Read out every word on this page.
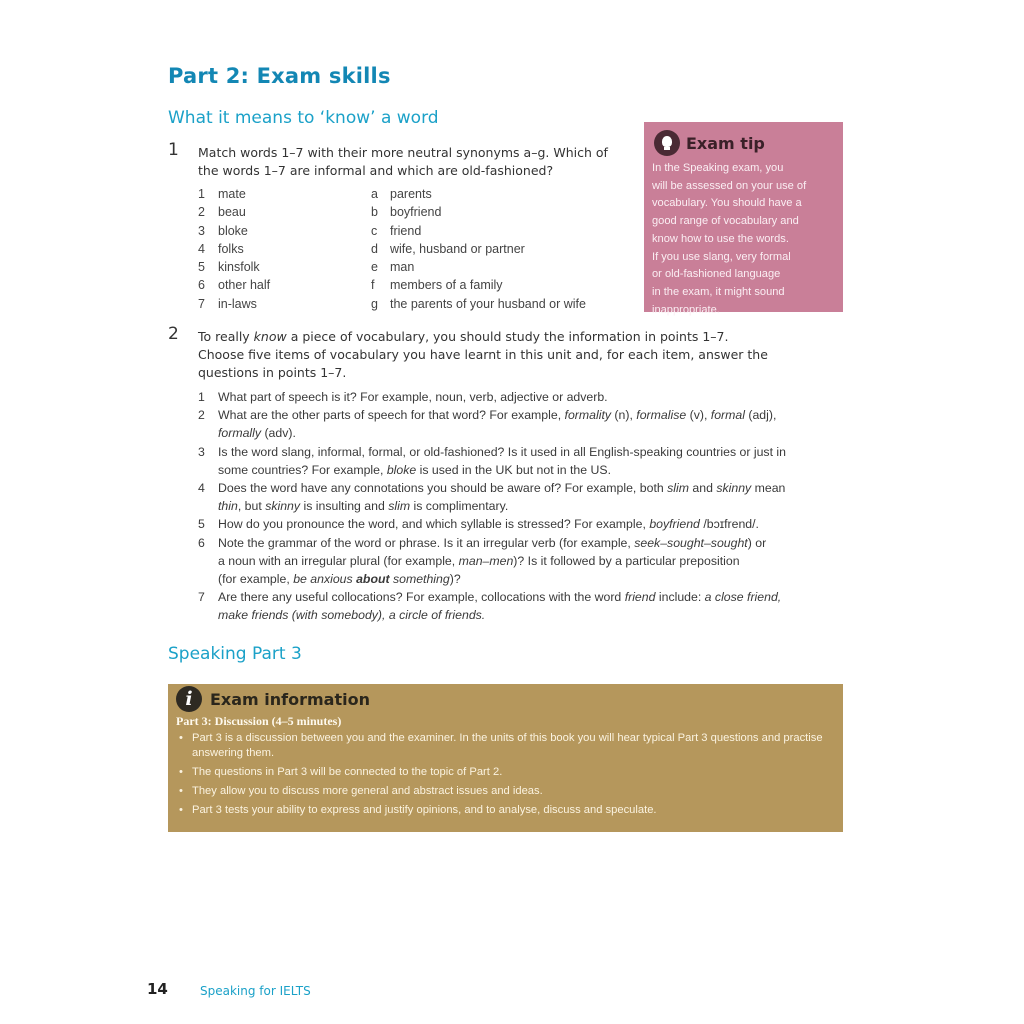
Part 2: Exam skills
What it means to ‘know’ a word
1 Match words 1–7 with their more neutral synonyms a–g. Which of
the words 1–7 are informal and which are old-fashioned?
1	mate	a	parents
2	beau	b	boyfriend
3	bloke	c	friend
4	folks	d	wife, husband or partner
5	kinsfolk	e	man
6	other half	f	members of a family
7	in-laws	g	the parents of your husband or wife
Exam tip
In the Speaking exam, you
will be assessed on your use of
vocabulary. You should have a
good range of vocabulary and
know how to use the words.
If you use slang, very formal
or old-fashioned language
in the exam, it might sound
inappropriate.
2 To really know a piece of vocabulary, you should study the information in points 1–7.
Choose five items of vocabulary you have learnt in this unit and, for each item, answer the
questions in points 1–7.
1	What part of speech is it? For example, noun, verb, adjective or adverb.
2	What are the other parts of speech for that word? For example, formality (n), formalise (v), formal (adj),
formally (adv).
3	Is the word slang, informal, formal, or old-fashioned? Is it used in all English-speaking countries or just in
some countries? For example, bloke is used in the UK but not in the US.
4	Does the word have any connotations you should be aware of? For example, both slim and skinny mean
thin, but skinny is insulting and slim is complimentary.
5	How do you pronounce the word, and which syllable is stressed? For example, boyfriend /bɔɪfrend/.
6	Note the grammar of the word or phrase. Is it an irregular verb (for example, seek–sought–sought) or
a noun with an irregular plural (for example, man–men)? Is it followed by a particular preposition
(for example, be anxious about something)?
7	Are there any useful collocations? For example, collocations with the word friend include: a close friend,
make friends (with somebody), a circle of friends.
Speaking Part 3
i	Exam information
Part 3: Discussion (4–5 minutes)
• Part 3 is a discussion between you and the examiner. In the units of this book you will hear typical Part 3 questions and practise answering them.
• The questions in Part 3 will be connected to the topic of Part 2.
• They allow you to discuss more general and abstract issues and ideas.
• Part 3 tests your ability to express and justify opinions, and to analyse, discuss and speculate.
14	Speaking for IELTS
